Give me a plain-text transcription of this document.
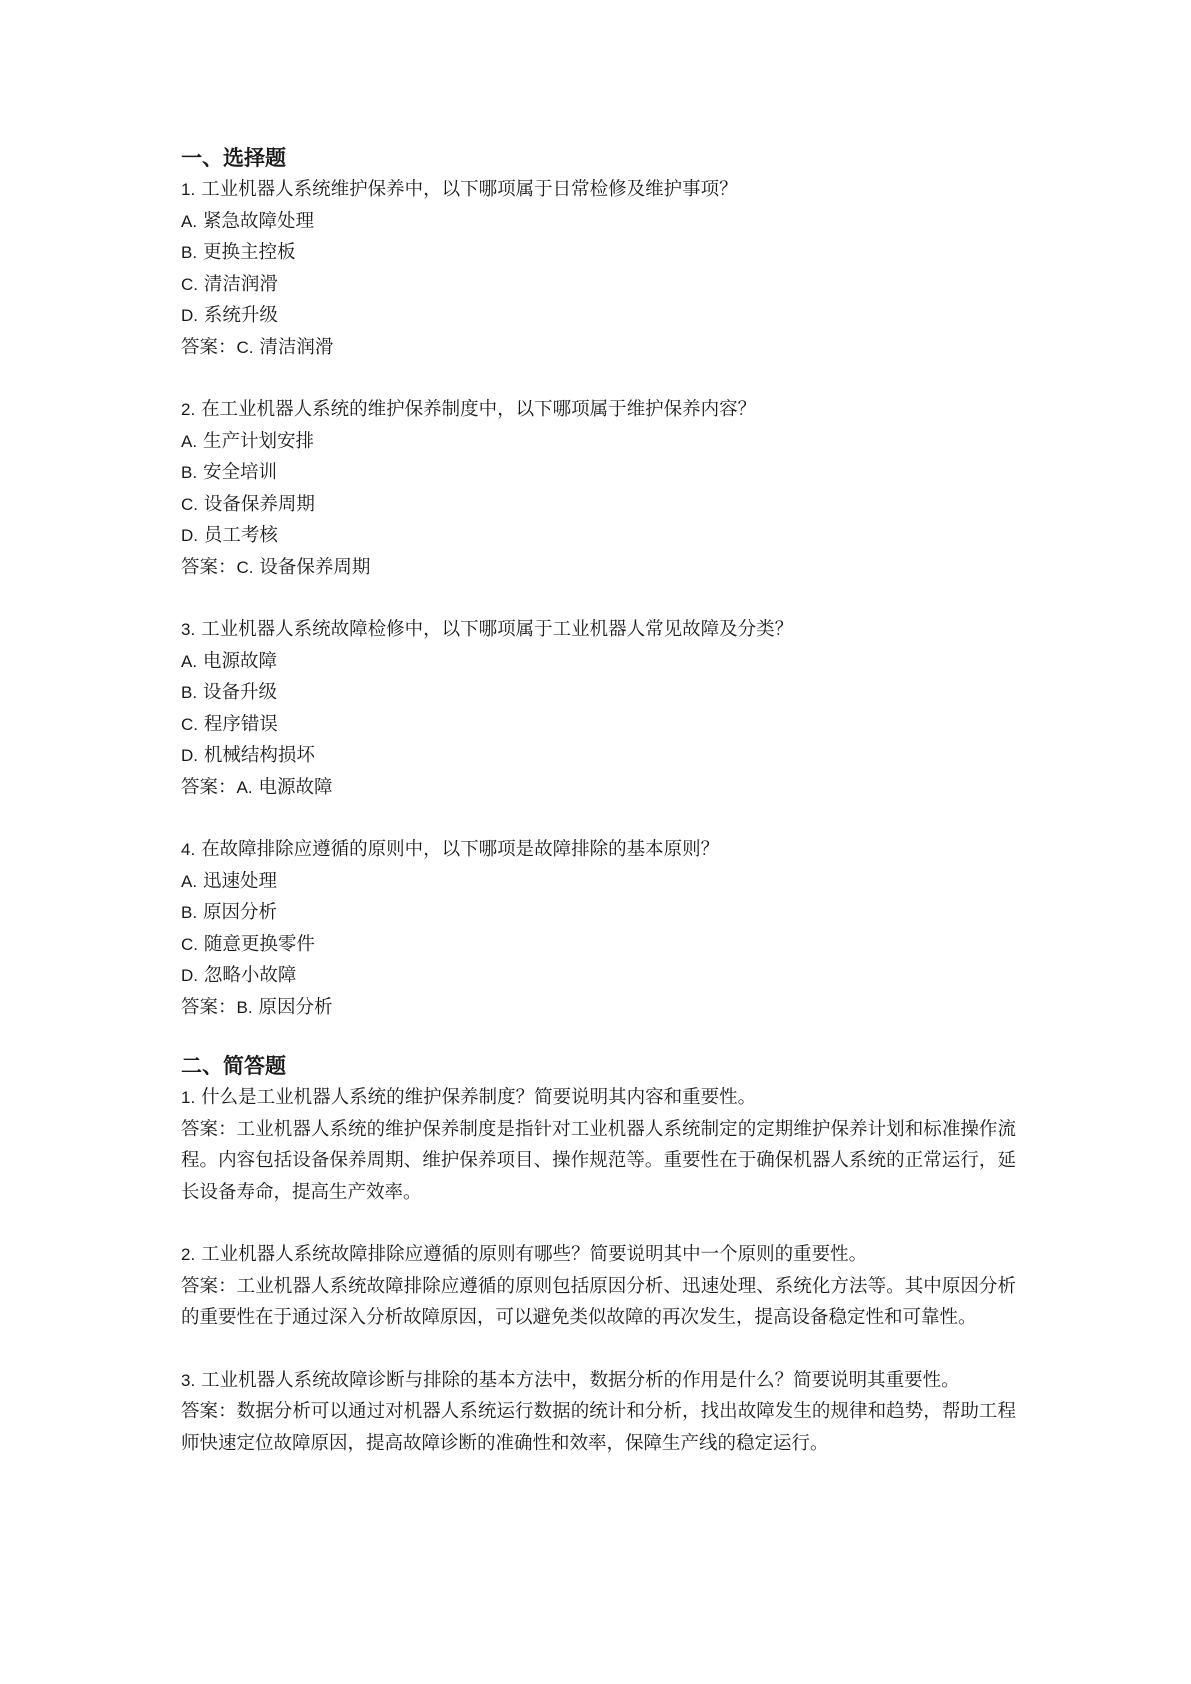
一、选择题

1. 工业机器人系统维护保养中，以下哪项属于日常检修及维护事项？

A. 紧急故障处理

B. 更换主控板

C. 清洁润滑

D. 系统升级

答案：C. 清洁润滑

2. 在工业机器人系统的维护保养制度中，以下哪项属于维护保养内容？

A. 生产计划安排

B. 安全培训

C. 设备保养周期

D. 员工考核

答案：C. 设备保养周期

3. 工业机器人系统故障检修中，以下哪项属于工业机器人常见故障及分类？

A. 电源故障

B. 设备升级

C. 程序错误

D. 机械结构损坏

答案：A. 电源故障

4. 在故障排除应遵循的原则中，以下哪项是故障排除的基本原则？

A. 迅速处理

B. 原因分析

C. 随意更换零件

D. 忽略小故障

答案：B. 原因分析

二、简答题

1. 什么是工业机器人系统的维护保养制度？简要说明其内容和重要性。

答案：工业机器人系统的维护保养制度是指针对工业机器人系统制定的定期维护保养计划和标准操作流程。内容包括设备保养周期、维护保养项目、操作规范等。重要性在于确保机器人系统的正常运行，延长设备寿命，提高生产效率。

2. 工业机器人系统故障排除应遵循的原则有哪些？简要说明其中一个原则的重要性。

答案：工业机器人系统故障排除应遵循的原则包括原因分析、迅速处理、系统化方法等。其中原因分析的重要性在于通过深入分析故障原因，可以避免类似故障的再次发生，提高设备稳定性和可靠性。

3. 工业机器人系统故障诊断与排除的基本方法中，数据分析的作用是什么？简要说明其重要性。

答案：数据分析可以通过对机器人系统运行数据的统计和分析，找出故障发生的规律和趋势，帮助工程师快速定位故障原因，提高故障诊断的准确性和效率，保障生产线的稳定运行。
